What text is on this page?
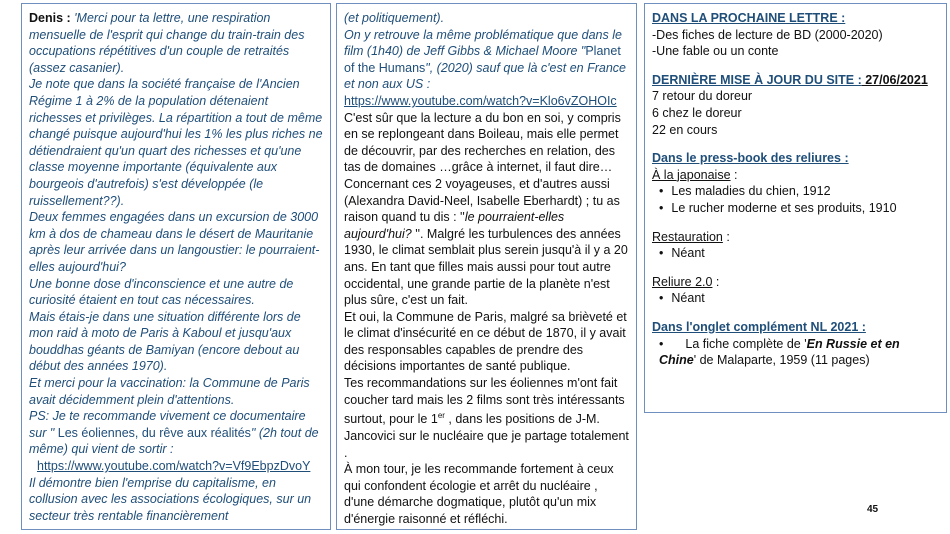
Denis : 'Merci pour ta lettre, une respiration mensuelle de l'esprit qui change du train-train des occupations répétitives d'un couple de retraités (assez casanier).

Je note que dans la société française de l'Ancien Régime 1 à 2% de la population détenaient richesses et privilèges. La répartition a tout de même changé puisque aujourd'hui les 1% les plus riches ne détiendraient qu'un quart des richesses et qu'une classe moyenne importante (équivalente aux bourgeois d'autrefois) s'est développée (le ruissellement??).

Deux femmes engagées dans un excursion de 3000 km à dos de chameau dans le désert de Mauritanie après leur arrivée dans un langoustier: le pourraient-elles aujourd'hui?

Une bonne dose d'inconscience et une autre de curiosité étaient en tout cas nécessaires.

Mais étais-je dans une situation différente lors de mon raid à moto de Paris à Kaboul et jusqu'aux bouddhas géants de Bamiyan (encore debout au début des années 1970).

Et merci pour la vaccination: la Commune de Paris avait décidemment plein d'attentions.

PS: Je te recommande vivement ce documentaire sur " Les éoliennes, du rêve aux réalités" (2h tout de même) qui vient de sortir :

https://www.youtube.com/watch?v=Vf9EbpzDvoY

Il démontre bien l'emprise du capitalisme, en collusion avec les associations écologiques, sur un secteur très rentable financièrement

(et politiquement).

On y retrouve la même problématique que dans le film (1h40) de Jeff Gibbs & Michael Moore "Planet of the Humans", (2020) sauf que là c'est en France et non aux US :

https://www.youtube.com/watch?v=Klo6vZOHOIc

C'est sûr que la lecture a du bon en soi, y compris en se replongeant dans Boileau, mais elle permet de découvrir, par des recherches en relation, des tas de domaines …grâce à internet, il faut dire…

Concernant ces 2 voyageuses, et d'autres aussi (Alexandra David-Neel, Isabelle Eberhardt) ; tu as raison quand tu dis : ''le pourraient-elles aujourd'hui? ''. Malgré les turbulences des années 1930, le climat semblait plus serein jusqu'à il y a 20 ans. En tant que filles mais aussi pour tout autre occidental, une grande partie de la planète n'est plus sûre, c'est un fait.

Et oui, la Commune de Paris, malgré sa brièveté et le climat d'insécurité en ce début de 1870, il y avait des responsables capables de prendre des décisions importantes de santé publique.

Tes recommandations sur les éoliennes m'ont fait coucher tard mais les 2 films sont très intéressants surtout, pour le 1er , dans les positions de J-M. Jancovici sur le nucléaire que je partage totalement .

À mon tour, je les recommande fortement à ceux qui confondent écologie et arrêt du nucléaire , d'une démarche dogmatique, plutôt qu'un mix d'énergie raisonné et réfléchi.

DANS LA PROCHAINE LETTRE :

-Des fiches de lecture de BD (2000-2020)

-Une fable ou un conte

DERNIÈRE MISE À JOUR DU SITE : 27/06/2021

7 retour du doreur

6 chez le doreur

22 en cours

Dans le press-book des reliures :

À la japonaise :

• Les maladies du chien, 1912

• Le rucher moderne et ses produits, 1910

Restauration :

• Néant

Reliure 2.0 :

• Néant

Dans l'onglet complément NL 2021 :

• La fiche complète de 'En Russie et en Chine' de Malaparte, 1959 (11 pages)

45
